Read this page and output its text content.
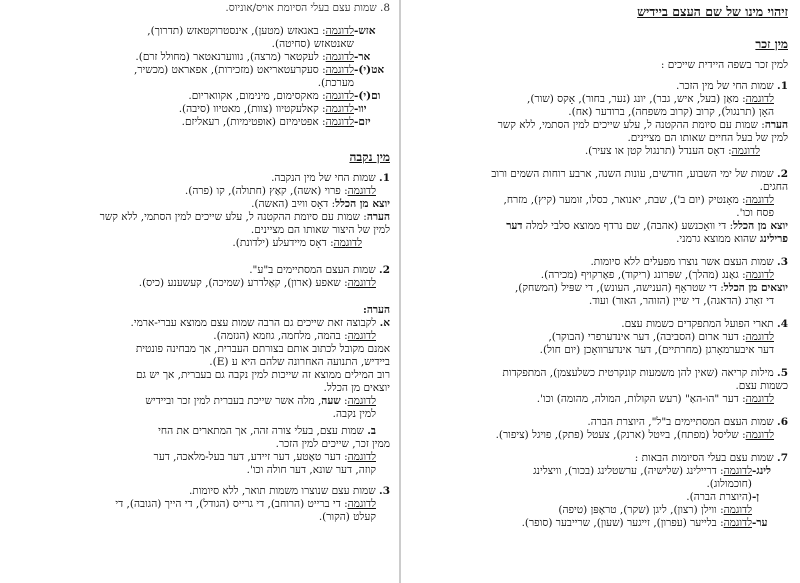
8. שמות עצם בעלי הסיומת אויס/אוניוס.
-אזש
לדוגמה: באגאזש (מטען), אינסטרוקטאזש (תדרוך),
שאנטאזש (סחיטה).
-אר
לדוגמה: לעקטאר (מרצה), גוווערנאטאר (מחולל זרם).
-(י)אט
לדוגמה: סעקרעטאריאט (מזכירות), אפאראט (מכשיר,
מערכת).
-(י)ום
לדוגמה: מאקסימום, מינימום, אקוואריום.
-יוו
לדוגמה: קאלעקטיוו (צוות), מאטיוו (סיבה).
-יזם
לדוגמה: אפטימיזם (אופטימיות), רעאליזם.
מין נקבה
1. שמות החי של מין הנקבה.
לדוגמה: פרוי (אשה), קאַץ (חתולה), קו (פרה).
יוצא מן הכלל: דאָס ווײַב (האשה).
הערה: שמות עם סיומת ההקטנה ל, עלע שייכים למין הסתמי, ללא קשר
למין של היצור שאותו הם מציינים.
לדוגמה: דאָס מיידעלע (ילדונת).
2. שמות העצם המסתיימים ב"ע".
לדוגמה: שאפע (ארון), קאַלדרע (שמיכה), קעשענע (כיס).
הערה:
א. לקבוצה זאת שייכים גם הרבה שמות עצם ממוצא עברי-ארמי.
לדוגמה: בהמה, מלחמה, גוזמא (הגזמה).
אמנם מקובל לכתוב אותם בצורתם העברית, אך מבחינה פונטית
ביידיש, התנועה האחרונה שלהם היא ע (E).
רוב המילים ממוצא זה שייכות למין נקבה גם בעברית, אך יש גם
יוצאים מן הכלל.
לדוגמה: שעה, מלה אשר שייכת בעברית למין זכר וביידיש
למין נקבה.
ב. שמות עצם, בעלי צורה זהה, אך המתארים את החי
ממין זכר, שייכים למין הזכר.
לדוגמה: דער טאַטע, דער זיידע, דער בעל-מלאכה, דער
קוזה, דער שונא, דער חולה וכו'.
3. שמות עצם שנוצרו משמות תואר, ללא סיומות.
לדוגמה: די ברייט (הרוחב), די גרייס (הגודל), די הייך (הגובה), די
קעלט (הקור).
זיהוי מינו של שם העצם ביידיש
מין זכר
למין זכר בשפה היידית שייכים :
1. שמות החי של מין הזכר.
לדוגמה: מאַן (בעל, איש, גבר), יונג (נער, בחור), אָקס (שור),
האָן (תרנגול), קרוב (קרוב משפחה), ברודער (אח).
הערה: שמות עם סיומת ההקטנה ל, עלע שייכים למין הסתמי, ללא קשר
למין של בעל החיים שאותו הם מציינים.
לדוגמה: דאָס הענדל (תרנגול קטן או צעיר).
2. שמות של ימי השבוע, חודשים, עונות השנה, ארבע רוחות השמים ורוב
החגים.
לדוגמה: מאָנטיק (יום ב'), שבת, יאנואר, כסלו, זומער (קיץ), מזרח,
פסח וכו'.
יוצא מן הכלל: די וואָכנשע (אהבה), שם נרדף ממוצא סלבי למלה דער
פרילינג שהוא ממוצא גרמני.
3. שמות העצם אשר נוצרו מפעלים ללא סיומות.
לדוגמה: גאַנג (מהלך), שפּרונג (ריקוד), פאַרקויף (מכירה).
יוצאים מן הכלל: די שטראָף (הענישה, העונש), די שפּיל (המשחק),
די זאָרג (הדאגה), די שיין (הזוהר, האור) ועוד.
4. תארי הפועל המתפקדים כשמות עצם.
לדוגמה: דער ארום (הסביבה), דער אינדערפרי (הבוקר),
דער איבערמאָרגן (מחרתיים), דער אינדערוואָכן (יום חול).
5. מילות קריאה (שאין להן משמעות קונקרטית כשלעצמן), המתפקדות
כשמות עצם.
לדוגמה: דער "הו-האַ" (רעש הקולות, המולה, מהומה) וכו'.
6. שמות העצם המסתיימים ב"ל", היוצרת הברה.
לדוגמה: שליסל (מפתח), בײַטל (ארנק), צעטל (פתק), פויגל (ציפור).
7. שמות עצם בעלי הסיומות הבאות :
-לינג
לדוגמה: דריילינג (שלישיה), ערשטלינג (בכור), וויצלינג
(חוכמולוג).
-ן
(היוצרת הברה).
לדוגמה: ווילן (רצון), ליגן (שקר), טראָפּן (טיפה)
-ער
לדוגמה: בלייער (עפרון), זייגער (שעון), שרייבער (סופר).
